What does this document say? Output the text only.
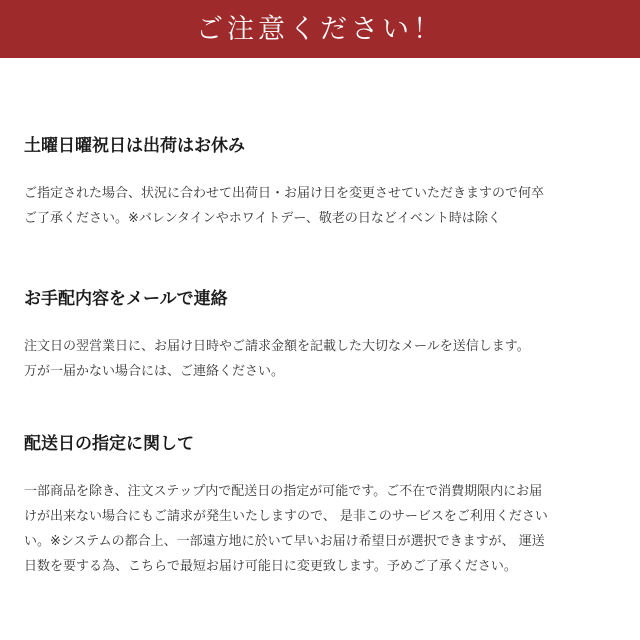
ご注意ください！
土曜日曜祝日は出荷はお休み
ご指定された場合、状況に合わせて出荷日・お届け日を変更させていただきますので何卒
ご了承ください。※バレンタインやホワイトデー、敬老の日などイベント時は除く
お手配内容をメールで連絡
注文日の翌営業日に、お届け日時やご請求金額を記載した大切なメールを送信します。
万が一届かない場合には、ご連絡ください。
配送日の指定に関して
一部商品を除き、注文ステップ内で配送日の指定が可能です。ご不在で消費期限内にお届
けが出来ない場合にもご請求が発生いたしますので、 是非このサービスをご利用ください
い。※システムの都合上、一部遠方地に於いて早いお届け希望日が選択できますが、 運送
日数を要する為、こちらで最短お届け可能日に変更致します。予めご了承ください。
